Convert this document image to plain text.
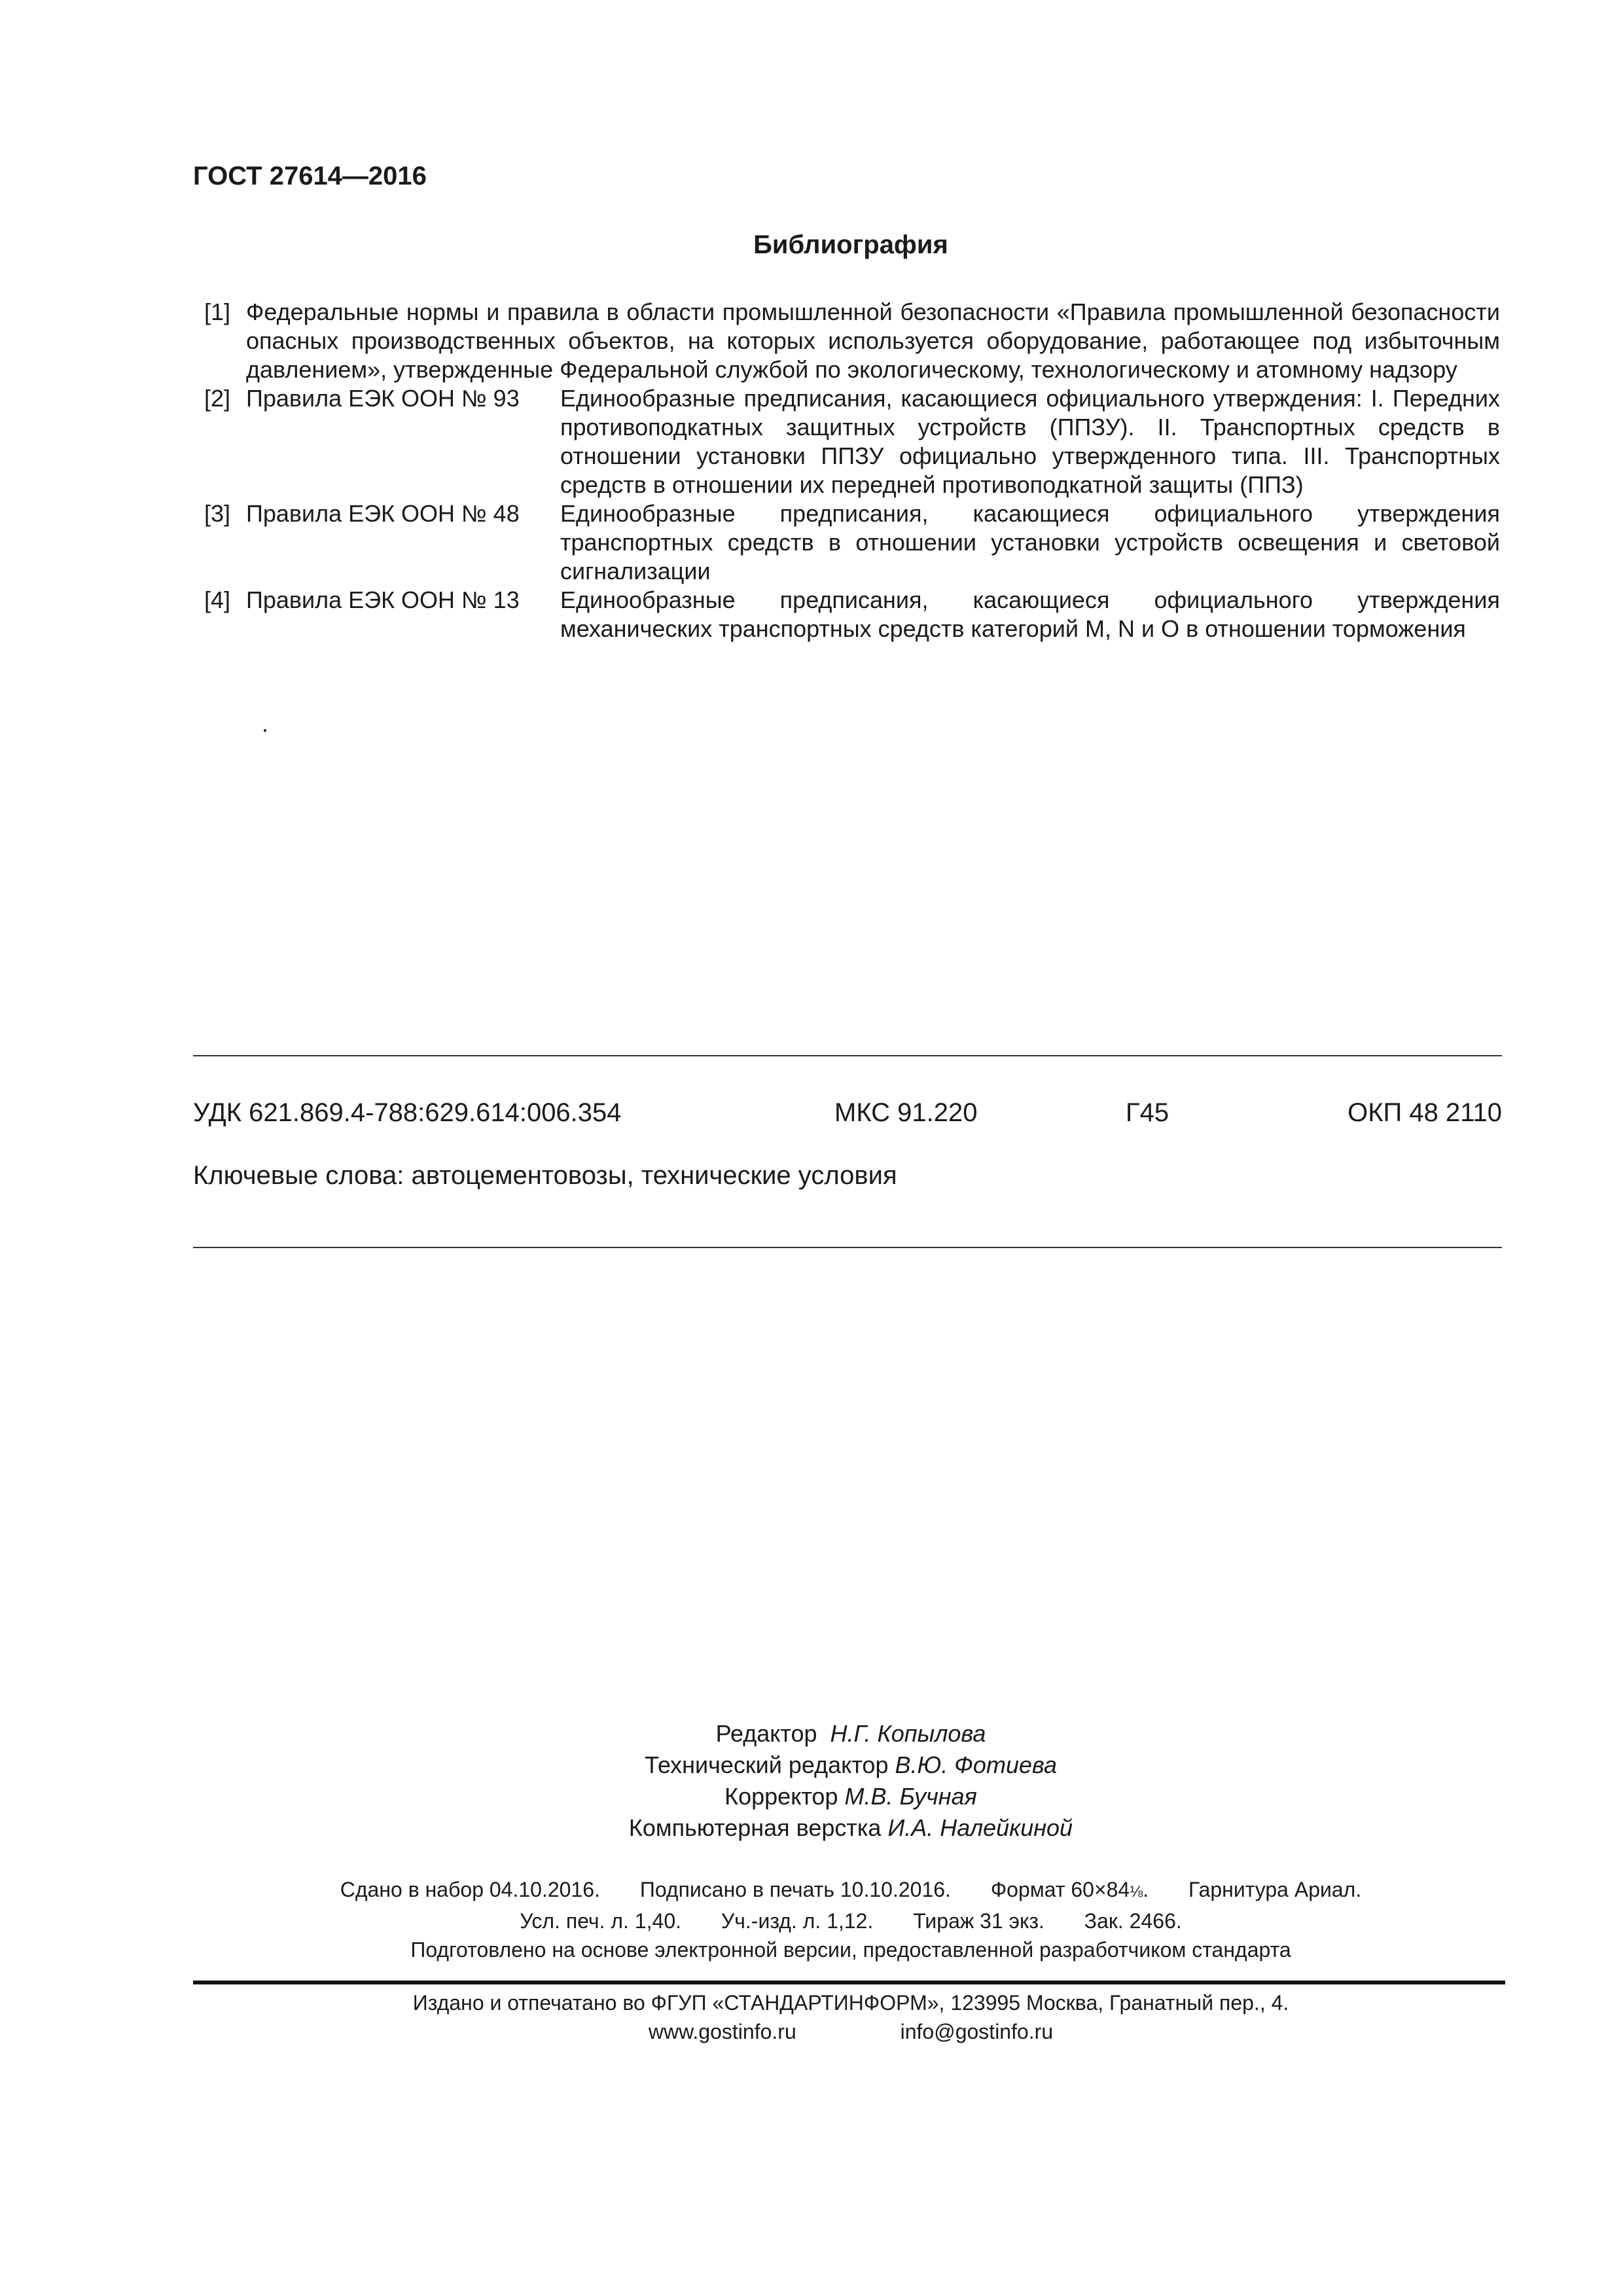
ГОСТ 27614—2016
Библиография
[1] Федеральные нормы и правила в области промышленной безопасности «Правила промышленной безопасности опасных производственных объектов, на которых используется оборудование, работающее под избыточным давлением», утвержденные Федеральной службой по экологическому, технологическому и атомному надзору
[2] Правила ЕЭК ООН № 93	Единообразные предписания, касающиеся официального утверждения: I. Передних противоподкатных защитных устройств (ППЗУ). II. Транспортных средств в отношении установки ППЗУ официально утвержденного типа. III. Транспортных средств в отношении их передней противоподкатной защиты (ППЗ)
[3] Правила ЕЭК ООН № 48	Единообразные предписания, касающиеся официального утверждения транспортных средств в отношении установки устройств освещения и световой сигнализации
[4] Правила ЕЭК ООН № 13	Единообразные предписания, касающиеся официального утверждения механических транспортных средств категорий М, N и О в отношении торможения
.
УДК 621.869.4-788:629.614:006.354	МКС 91.220	Г45	ОКП 48 2110
Ключевые слова: автоцементовозы, технические условия
Редактор Н.Г. Копылова
Технический редактор В.Ю. Фотиева
Корректор М.В. Бучная
Компьютерная верстка И.А. Налейкиной
Сдано в набор 04.10.2016. Подписано в печать 10.10.2016. Формат 60×84⅛. Гарнитура Ариал.
Усл. печ. л. 1,40. Уч.-изд. л. 1,12. Тираж 31 экз. Зак. 2466.
Подготовлено на основе электронной версии, предоставленной разработчиком стандарта
Издано и отпечатано во ФГУП «СТАНДАРТИНФОРМ», 123995 Москва, Гранатный пер., 4.
www.gostinfo.ru	info@gostinfo.ru
